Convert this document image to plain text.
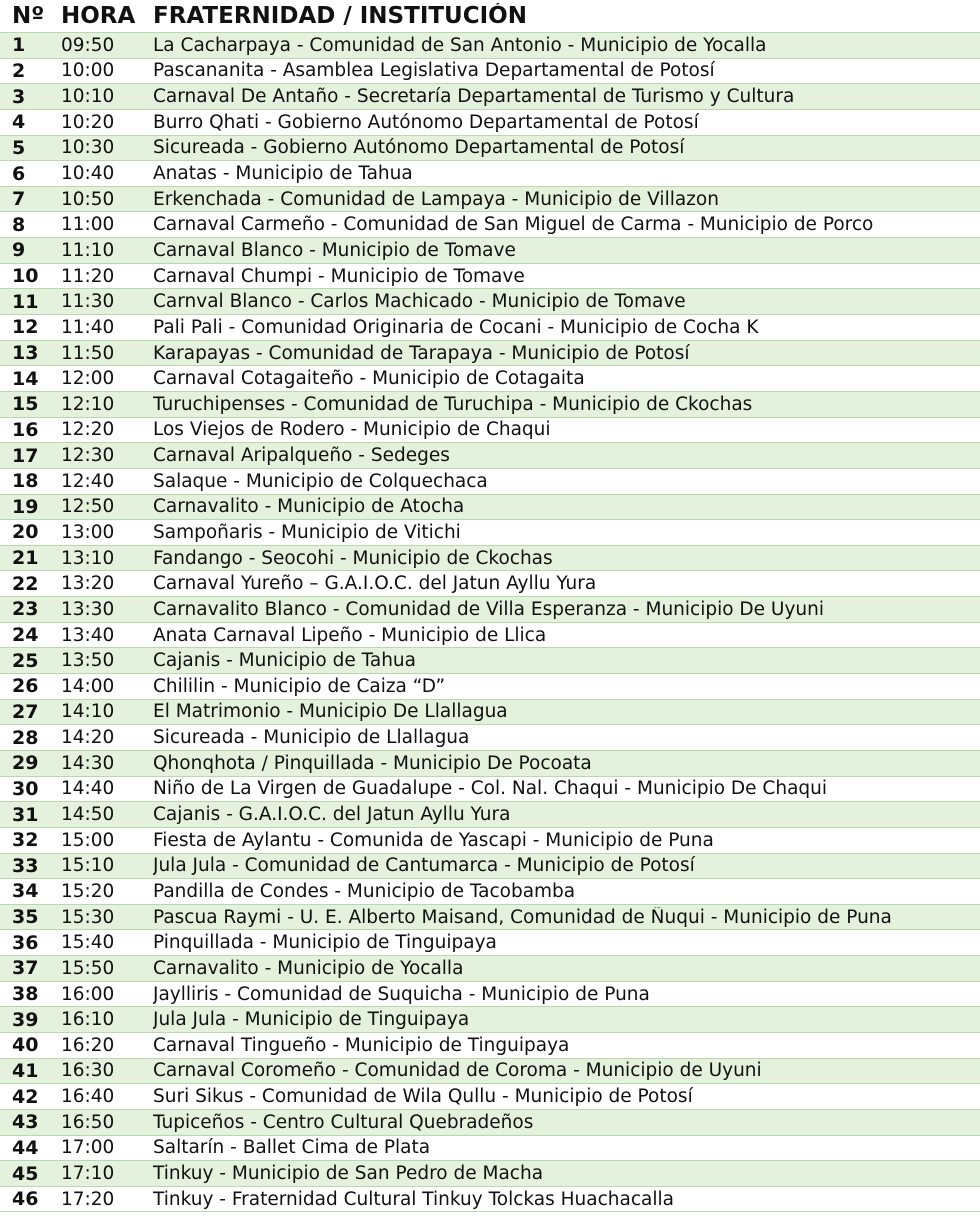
Nº HORA FRATERNIDAD / INSTITUCIÓN
1	09:50	La Cacharpaya - Comunidad de San Antonio - Municipio de Yocalla
2	10:00	Pascananita - Asamblea Legislativa Departamental de Potosí
3	10:10	Carnaval De Antaño - Secretaría Departamental de Turismo y Cultura
4	10:20	Burro Qhati - Gobierno Autónomo Departamental de Potosí
5	10:30	Sicureada - Gobierno Autónomo Departamental de Potosí
6	10:40	Anatas - Municipio de Tahua
7	10:50	Erkenchada - Comunidad de Lampaya - Municipio de Villazon
8	11:00	Carnaval Carmeño - Comunidad de San Miguel de Carma - Municipio de Porco
9	11:10	Carnaval Blanco - Municipio de Tomave
10	11:20	Carnaval Chumpi - Municipio de Tomave
11	11:30	Carnval Blanco - Carlos Machicado - Municipio de Tomave
12	11:40	Pali Pali - Comunidad Originaria de Cocani - Municipio de Cocha K
13	11:50	Karapayas - Comunidad de Tarapaya - Municipio de Potosí
14	12:00	Carnaval Cotagaiteño - Municipio de Cotagaita
15	12:10	Turuchipenses - Comunidad de Turuchipa - Municipio de Ckochas
16	12:20	Los Viejos de Rodero - Municipio de Chaqui
17	12:30	Carnaval Aripalqueño - Sedeges
18	12:40	Salaque - Municipio de Colquechaca
19	12:50	Carnavalito - Municipio de Atocha
20	13:00	Sampoñaris - Municipio de Vitichi
21	13:10	Fandango - Seocohi - Municipio de Ckochas
22	13:20	Carnaval Yureño – G.A.I.O.C. del Jatun Ayllu Yura
23	13:30	Carnavalito Blanco - Comunidad de Villa Esperanza - Municipio De Uyuni
24	13:40	Anata Carnaval Lipeño - Municipio de Llica
25	13:50	Cajanis - Municipio de Tahua
26	14:00	Chililin - Municipio de Caiza “D”
27	14:10	El Matrimonio - Municipio De Llallagua
28	14:20	Sicureada - Municipio de Llallagua
29	14:30	Qhonqhota / Pinquillada - Municipio De Pocoata
30	14:40	Niño de La Virgen de Guadalupe - Col. Nal. Chaqui - Municipio De Chaqui
31	14:50	Cajanis - G.A.I.O.C. del Jatun Ayllu Yura
32	15:00	Fiesta de Aylantu - Comunida de Yascapi - Municipio de Puna
33	15:10	Jula Jula - Comunidad de Cantumarca - Municipio de Potosí
34	15:20	Pandilla de Condes - Municipio de Tacobamba
35	15:30	Pascua Raymi - U. E. Alberto Maisand, Comunidad de Ñuqui - Municipio de Puna
36	15:40	Pinquillada - Municipio de Tinguipaya
37	15:50	Carnavalito - Municipio de Yocalla
38	16:00	Jaylliris - Comunidad de Suquicha - Municipio de Puna
39	16:10	Jula Jula - Municipio de Tinguipaya
40	16:20	Carnaval Tingueño - Municipio de Tinguipaya
41	16:30	Carnaval Coromeño - Comunidad de Coroma - Municipio de Uyuni
42	16:40	Suri Sikus - Comunidad de Wila Qullu - Municipio de Potosí
43	16:50	Tupiceños - Centro Cultural Quebradeños
44	17:00	Saltarín - Ballet Cima de Plata
45	17:10	Tinkuy - Municipio de San Pedro de Macha
46	17:20	Tinkuy - Fraternidad Cultural Tinkuy Tolckas Huachacalla
